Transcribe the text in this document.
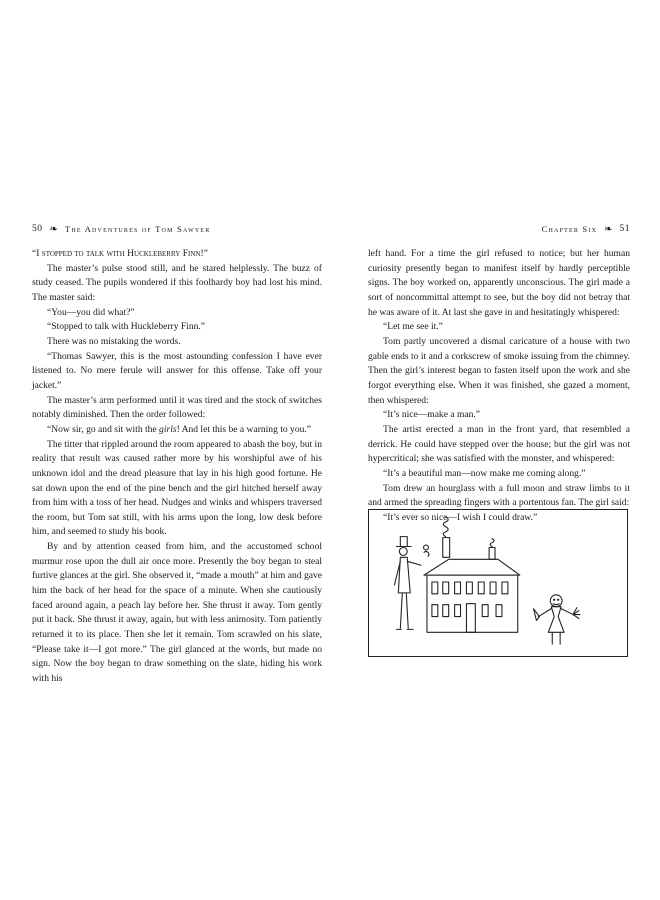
50 ❧ The Adventures of Tom Sawyer

“I stopped to talk with Huckleberry Finn!”

The master’s pulse stood still, and he stared helplessly. The buzz of study ceased. The pupils wondered if this foolhardy boy had lost his mind. The master said:

“You—you did what?”

“Stopped to talk with Huckleberry Finn.”

There was no mistaking the words.

“Thomas Sawyer, this is the most astounding confession I have ever listened to. No mere ferule will answer for this offense. Take off your jacket.”

The master’s arm performed until it was tired and the stock of switches notably diminished. Then the order followed:

“Now sir, go and sit with the girls! And let this be a warning to you.”

The titter that rippled around the room appeared to abash the boy, but in reality that result was caused rather more by his worshipful awe of his unknown idol and the dread pleasure that lay in his high good fortune. He sat down upon the end of the pine bench and the girl hitched herself away from him with a toss of her head. Nudges and winks and whispers traversed the room, but Tom sat still, with his arms upon the long, low desk before him, and seemed to study his book.

By and by attention ceased from him, and the accustomed school murmur rose upon the dull air once more. Presently the boy began to steal furtive glances at the girl. She observed it, “made a mouth” at him and gave him the back of her head for the space of a minute. When she cautiously faced around again, a peach lay before her. She thrust it away. Tom gently put it back. She thrust it away, again, but with less animosity. Tom patiently returned it to its place. Then she let it remain. Tom scrawled on his slate, “Please take it—I got more.” The girl glanced at the words, but made no sign. Now the boy began to draw something on the slate, hiding his work with his

Chapter Six ❧ 51

left hand. For a time the girl refused to notice; but her human curiosity presently began to manifest itself by hardly perceptible signs. The boy worked on, apparently unconscious. The girl made a sort of noncommittal attempt to see, but the boy did not betray that he was aware of it. At last she gave in and hesitatingly whispered:

“Let me see it.”

Tom partly uncovered a dismal caricature of a house with two gable ends to it and a corkscrew of smoke issuing from the chimney. Then the girl’s interest began to fasten itself upon the work and she forgot everything else. When it was finished, she gazed a moment, then whispered:

“It’s nice—make a man.”

The artist erected a man in the front yard, that resembled a derrick. He could have stepped over the house; but the girl was not hypercritical; she was satisfied with the monster, and whispered:

“It’s a beautiful man—now make me coming along.”

Tom drew an hourglass with a full moon and straw limbs to it and armed the spreading fingers with a portentous fan. The girl said:

“It’s ever so nice—I wish I could draw.”
